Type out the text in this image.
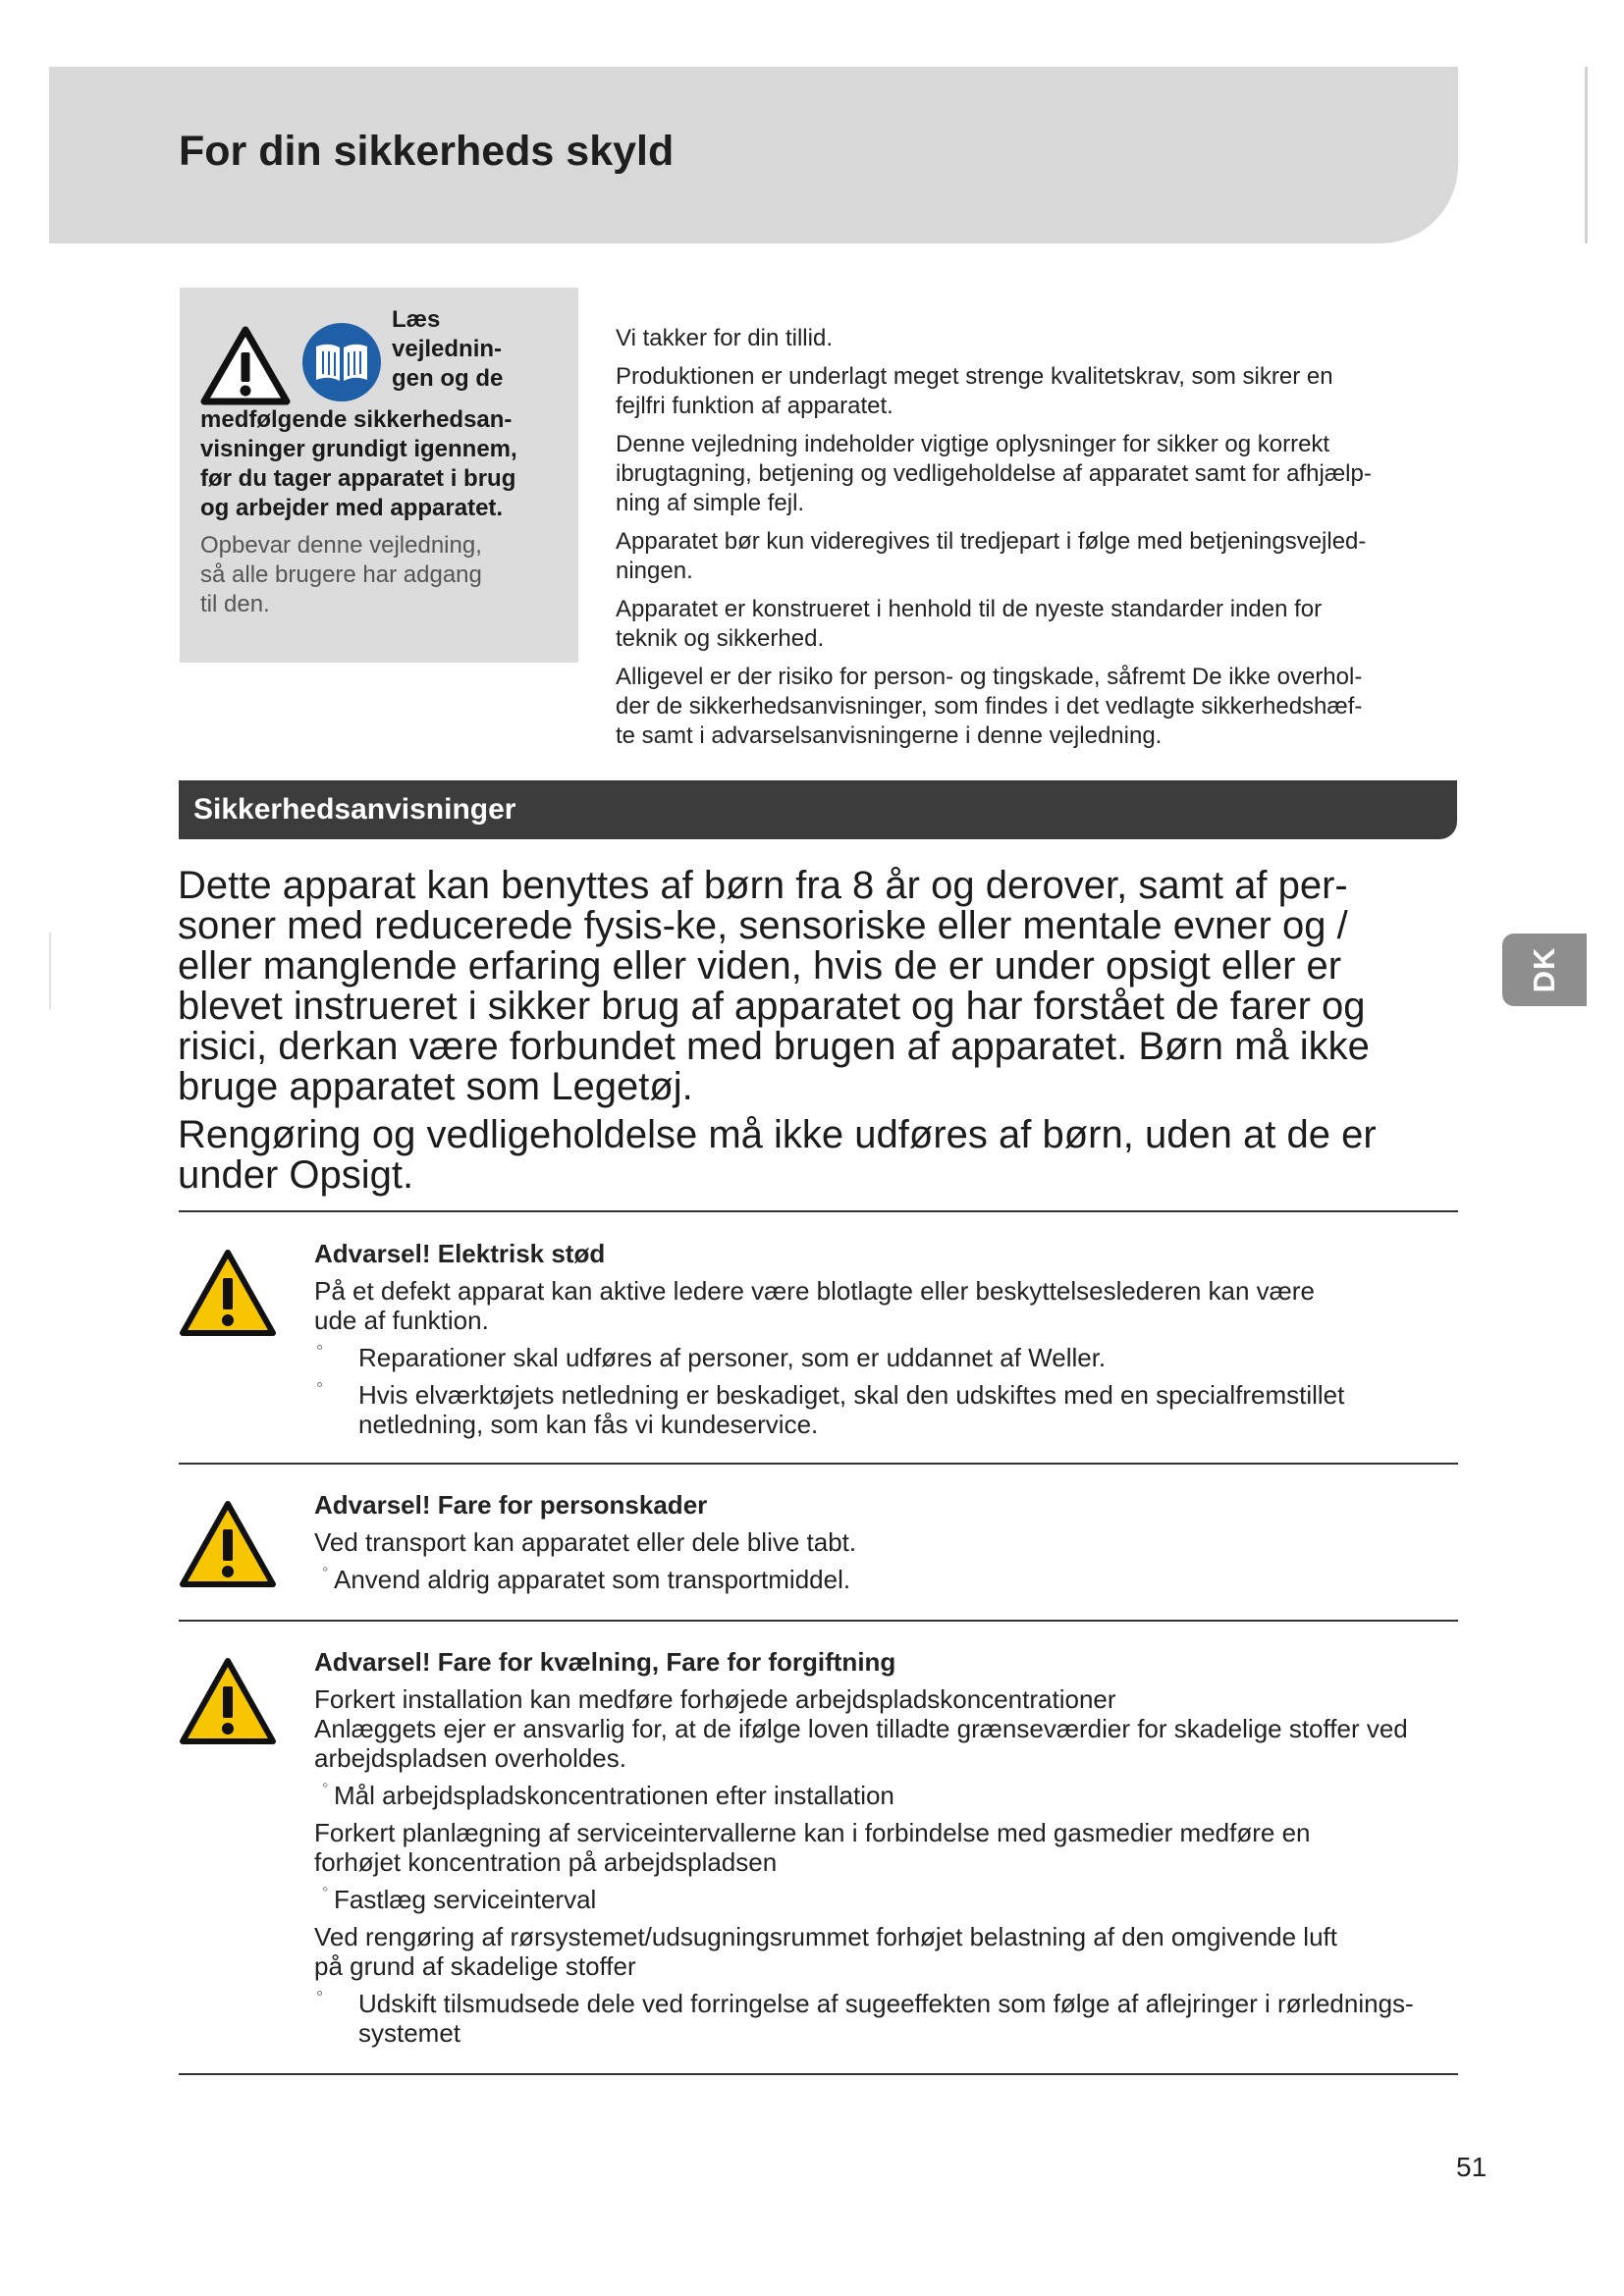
For din sikkerheds skyld
DK
Læs
vejlednin-
gen og de
medfølgende sikkerhedsan-
visninger grundigt igennem,
før du tager apparatet i brug
og arbejder med apparatet.
Opbevar denne vejledning,
så alle brugere har adgang
til den.

Vi takker for din tillid.

Produktionen er underlagt meget strenge kvalitetskrav, som sikrer en
fejlfri funktion af apparatet.

Denne vejledning indeholder vigtige oplysninger for sikker og korrekt
ibrugtagning, betjening og vedligeholdelse af apparatet samt for afhjælp-
ning af simple fejl.

Apparatet bør kun videregives til tredjepart i følge med betjeningsvejled-
ningen.

Apparatet er konstrueret i henhold til de nyeste standarder inden for
teknik og sikkerhed.

Alligevel er der risiko for person- og tingskade, såfremt De ikke overhol-
der de sikkerhedsanvisninger, som findes i det vedlagte sikkerhedshæf-
te samt i advarselsanvisningerne i denne vejledning.

Sikkerhedsanvisninger

Dette apparat kan benyttes af børn fra 8 år og derover, samt af per-
soner med reducerede fysis-ke, sensoriske eller mentale evner og /
eller manglende erfaring eller viden, hvis de er under opsigt eller er
blevet instrueret i sikker brug af apparatet og har forstået de farer og
risici, derkan være forbundet med brugen af apparatet. Børn må ikke
bruge apparatet som Legetøj.

Rengøring og vedligeholdelse må ikke udføres af børn, uden at de er
under Opsigt.

Advarsel! Elektrisk stød
På et defekt apparat kan aktive ledere være blotlagte eller beskyttelseslederen kan være
ude af funktion.
° Reparationer skal udføres af personer, som er uddannet af Weller.
° Hvis elværktøjets netledning er beskadiget, skal den udskiftes med en specialfremstillet
netledning, som kan fås vi kundeservice.
Advarsel! Fare for personskader
Ved transport kan apparatet eller dele blive tabt.
° Anvend aldrig apparatet som transportmiddel.
Advarsel! Fare for kvælning, Fare for forgiftning
Forkert installation kan medføre forhøjede arbejdspladskoncentrationer
Anlæggets ejer er ansvarlig for, at de ifølge loven tilladte grænseværdier for skadelige stoffer ved
arbejdspladsen overholdes.
° Mål arbejdspladskoncentrationen efter installation
Forkert planlægning af serviceintervallerne kan i forbindelse med gasmedier medføre en
forhøjet koncentration på arbejdspladsen
° Fastlæg serviceinterval
Ved rengøring af rørsystemet/udsugningsrummet forhøjet belastning af den omgivende luft
på grund af skadelige stoffer
° Udskift tilsmudsede dele ved forringelse af sugeeffekten som følge af aflejringer i rørlednings-
systemet
51
